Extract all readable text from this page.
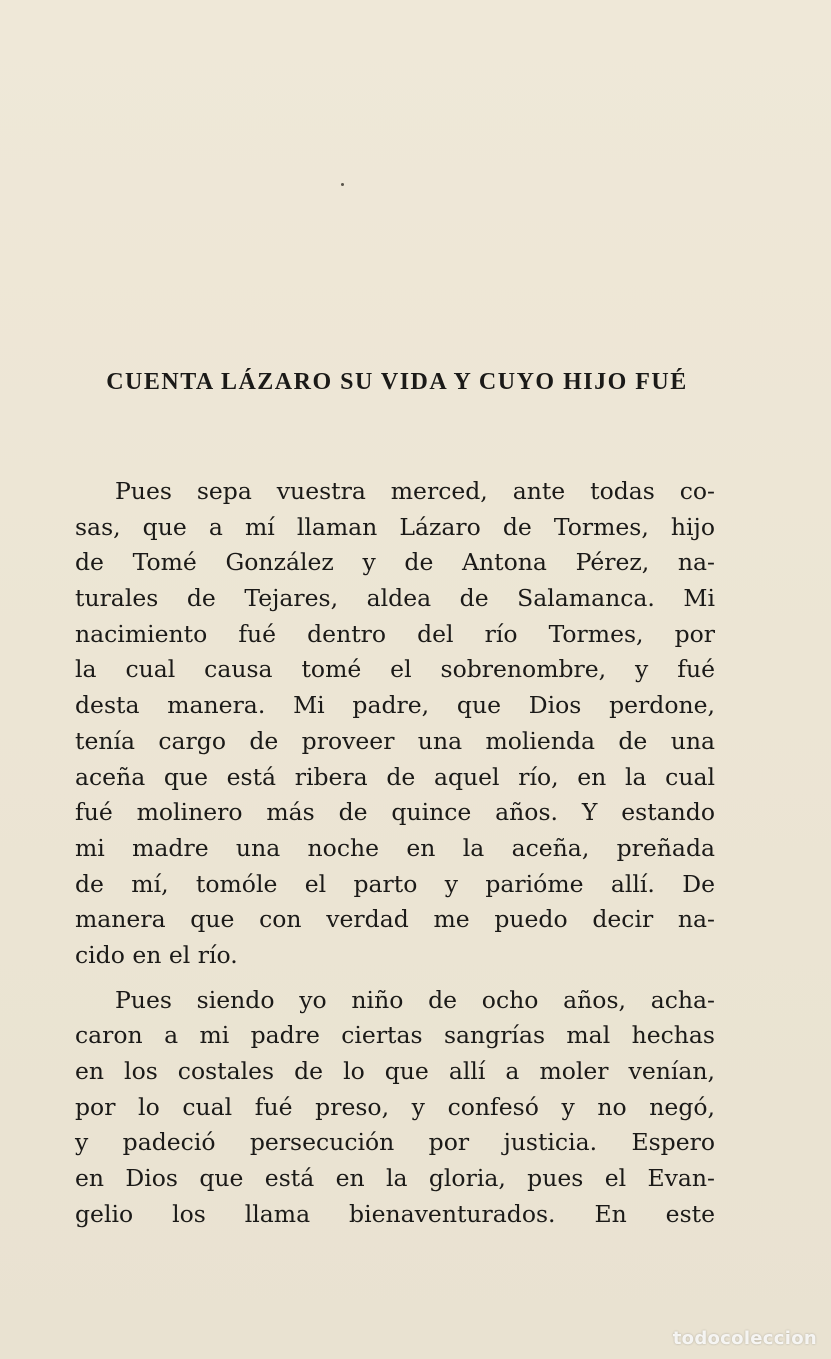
CUENTA LÁZARO SU VIDA Y CUYO HIJO FUÉ
Pues sepa vuestra merced, ante todas co-
sas, que a mí llaman Lázaro de Tormes, hijo
de Tomé González y de Antona Pérez, na-
turales de Tejares, aldea de Salamanca. Mi
nacimiento fué dentro del río Tormes, por
la cual causa tomé el sobrenombre, y fué
desta manera. Mi padre, que Dios perdone,
tenía cargo de proveer una molienda de una
aceña que está ribera de aquel río, en la cual
fué molinero más de quince años. Y estando
mi madre una noche en la aceña, preñada
de mí, tomóle el parto y parióme allí. De
manera que con verdad me puedo decir na-
cido en el río.
Pues siendo yo niño de ocho años, acha-
caron a mi padre ciertas sangrías mal hechas
en los costales de lo que allí a moler venían,
por lo cual fué preso, y confesó y no negó,
y padeció persecución por justicia. Espero
en Dios que está en la gloria, pues el Evan-
gelio los llama bienaventurados. En este
todocoleccion
